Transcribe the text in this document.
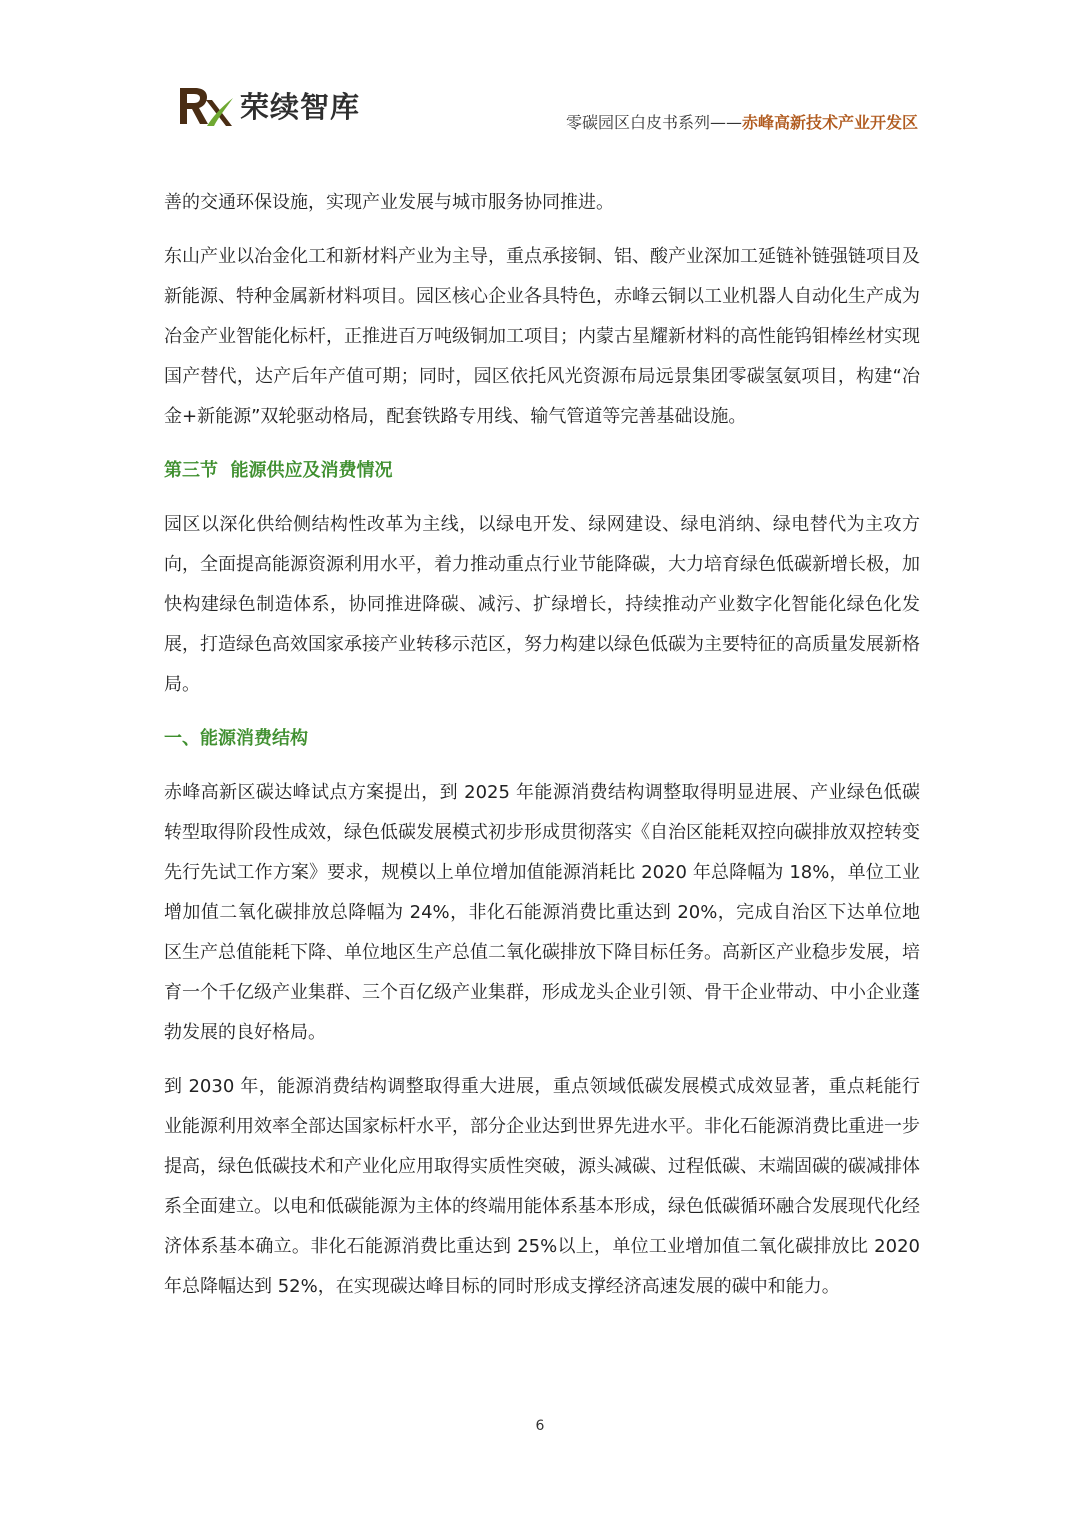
荣续智库	零碳园区白皮书系列——赤峰高新技术产业开发区

善的交通环保设施，实现产业发展与城市服务协同推进。

东山产业以冶金化工和新材料产业为主导，重点承接铜、铝、酸产业深加工延链补链强链项目及新能源、特种金属新材料项目。园区核心企业各具特色，赤峰云铜以工业机器人自动化生产成为冶金产业智能化标杆，正推进百万吨级铜加工项目；内蒙古星耀新材料的高性能钨钼棒丝材实现国产替代，达产后年产值可期；同时，园区依托风光资源布局远景集团零碳氢氨项目，构建“冶金+新能源”双轮驱动格局，配套铁路专用线、输气管道等完善基础设施。

第三节  能源供应及消费情况

园区以深化供给侧结构性改革为主线，以绿电开发、绿网建设、绿电消纳、绿电替代为主攻方向，全面提高能源资源利用水平，着力推动重点行业节能降碳，大力培育绿色低碳新增长极，加快构建绿色制造体系，协同推进降碳、减污、扩绿增长，持续推动产业数字化智能化绿色化发展，打造绿色高效国家承接产业转移示范区，努力构建以绿色低碳为主要特征的高质量发展新格局。

一、能源消费结构

赤峰高新区碳达峰试点方案提出，到 2025 年能源消费结构调整取得明显进展、产业绿色低碳转型取得阶段性成效，绿色低碳发展模式初步形成贯彻落实《自治区能耗双控向碳排放双控转变先行先试工作方案》要求，规模以上单位增加值能源消耗比 2020 年总降幅为 18%，单位工业增加值二氧化碳排放总降幅为 24%，非化石能源消费比重达到 20%，完成自治区下达单位地区生产总值能耗下降、单位地区生产总值二氧化碳排放下降目标任务。高新区产业稳步发展，培育一个千亿级产业集群、三个百亿级产业集群，形成龙头企业引领、骨干企业带动、中小企业蓬勃发展的良好格局。

到 2030 年，能源消费结构调整取得重大进展，重点领域低碳发展模式成效显著，重点耗能行业能源利用效率全部达国家标杆水平，部分企业达到世界先进水平。非化石能源消费比重进一步提高，绿色低碳技术和产业化应用取得实质性突破，源头减碳、过程低碳、末端固碳的碳减排体系全面建立。以电和低碳能源为主体的终端用能体系基本形成，绿色低碳循环融合发展现代化经济体系基本确立。非化石能源消费比重达到 25%以上，单位工业增加值二氧化碳排放比 2020 年总降幅达到 52%，在实现碳达峰目标的同时形成支撑经济高速发展的碳中和能力。

6
